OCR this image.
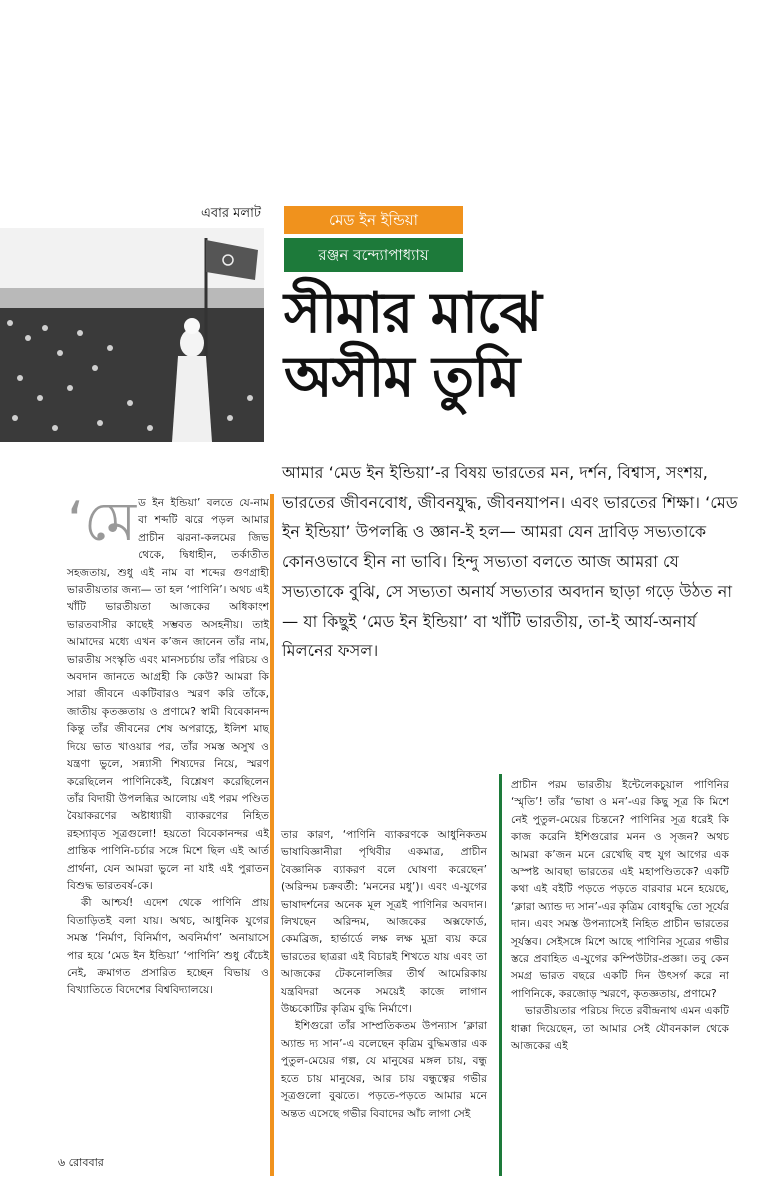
এবার মলাট	মেড ইন ইন্ডিয়া
রঞ্জন বন্দ্যোপাধ্যায়
সীমার মাঝে
অসীম তুমি
আমার ‘মেড ইন ইন্ডিয়া’-র বিষয় ভারতের মন, দর্শন, বিশ্বাস, সংশয়, ভারতের জীবনবোধ, জীবনযুদ্ধ, জীবনযাপন। এবং ভারতের শিক্ষা। ‘মেড ইন ইন্ডিয়া’ উপলব্ধি ও জ্ঞান-ই হল— আমরা যেন দ্রাবিড় সভ্যতাকে কোনওভাবে হীন না ভাবি। হিন্দু সভ্যতা বলতে আজ আমরা যে সভ্যতাকে বুঝি, সে সভ্যতা অনার্য সভ্যতার অবদান ছাড়া গড়ে উঠত না— যা কিছুই ‘মেড ইন ইন্ডিয়া’ বা খাঁটি ভারতীয়, তা-ই আর্য-অনার্য মিলনের ফসল।
‘মে ড ইন ইন্ডিয়া’ বলতে যে-নাম বা শব্দটি ঝরে পড়ল আমার প্রাচীন ঝরনা-কলমের জিভ থেকে, দ্বিধাহীন, তর্কাতীত সহজতায়, শুধু এই নাম বা শব্দের গুণগ্রাহী ভারতীয়তার জন্য— তা হল ‘পাণিনি’। অথচ এই খাঁটি ভারতীয়তা আজকের অধিকাংশ ভারতবাসীর কাছেই সম্ভবত অসহনীয়। তাই আমাদের মধ্যে এখন ক’জন জানেন তাঁর নাম, ভারতীয় সংস্কৃতি এবং মানসচর্চায় তাঁর পরিচয় ও অবদান জানতে আগ্রহী কি কেউ? আমরা কি সারা জীবনে একটিবারও স্মরণ করি তাঁকে, জাতীয় কৃতজ্ঞতায় ও প্রণামে? স্বামী বিবেকানন্দ কিন্তু তাঁর জীবনের শেষ অপরাহ্ণে, ইলিশ মাছ দিয়ে ভাত খাওয়ার পর, তাঁর সমস্ত অসুখ ও যন্ত্রণা ভুলে, সন্ন্যাসী শিষ্যদের নিয়ে, স্মরণ করেছিলেন পাণিনিকেই, বিশ্লেষণ করেছিলেন তাঁর বিদায়ী উপলব্ধির আলোয় এই পরম পণ্ডিত বৈয়াকরণের অষ্টাধ্যায়ী ব্যাকরণের নিহিত রহস্যাবৃত সূত্রগুলো! হয়তো বিবেকানন্দর এই প্রান্তিক পাণিনি-চর্চার সঙ্গে মিশে ছিল এই আর্ত প্রার্থনা, যেন আমরা ভুলে না যাই এই পুরাতন বিশুদ্ধ ভারতবর্ষ-কে।

কী আশ্চর্য! এদেশ থেকে পাণিনি প্রায় বিতাড়িতই বলা যায়। অথচ, আধুনিক যুগের সমস্ত ‘নির্মাণ, বিনির্মাণ, অবনির্মাণ’ অনায়াসে পার হয়ে ‘মেড ইন ইন্ডিয়া’ ‘পাণিনি’ শুধু বেঁচেই নেই, ক্রমাগত প্রসারিত হচ্ছেন বিভায় ও বিখ্যাতিতে বিদেশের বিশ্ববিদ্যালয়ে।

তার কারণ, ‘পাণিনি ব্যাকরণকে আধুনিকতম ভাষাবিজ্ঞানীরা পৃথিবীর একমাত্র, প্রাচীন বৈজ্ঞানিক ব্যাকরণ বলে ঘোষণা করেছেন’ (অরিন্দম চক্রবর্তী: ‘মননের মধু’)। এবং এ-যুগের ভাষাদর্শনের অনেক মূল সূত্রই পাণিনির অবদান। লিখছেন অরিন্দম, আজকের অক্সফোর্ড, কেমব্রিজ, হার্ভার্ডে লক্ষ লক্ষ মুদ্রা ব্যয় করে ভারতের ছাত্ররা এই বিচারই শিখতে যায় এবং তা আজকের টেকনোলজির তীর্থ আমেরিকায় যন্ত্রবিদরা অনেক সময়েই কাজে লাগান উচ্চকোটির কৃত্রিম বুদ্ধি নির্মাণে।

ইশিগুরো তাঁর সাম্প্রতিকতম উপন্যাস ‘ক্লারা অ্যান্ড দ্য সান’-এ বলেছেন কৃত্রিম বুদ্ধিমত্তার এক পুতুল-মেয়ের গল্প, যে মানুষের মঙ্গল চায়, বন্ধু হতে চায় মানুষের, আর চায় বন্ধুত্বের গভীর সূত্রগুলো বুঝতে। পড়তে-পড়তে আমার মনে অন্তত এসেছে গভীর বিবাদের আঁচ লাগা সেই

প্রাচীন পরম ভারতীয় ইন্টেলেকচুয়াল পাণিনির ‘স্মৃতি’! তাঁর ‘ভাষা ও মন’-এর কিছু সূত্র কি মিশে নেই পুতুল-মেয়ের চিন্তনে? পাণিনির সূত্র ধরেই কি কাজ করেনি ইশিগুরোর মনন ও সৃজন? অথচ আমরা ক’জন মনে রেখেছি বহু যুগ আগের এক অস্পষ্ট আবছা ভারতের এই মহাপণ্ডিতকে? একটি কথা এই বইটি পড়তে পড়তে বারবার মনে হয়েছে, ‘ক্লারা অ্যান্ড দ্য সান’-এর কৃত্রিম বোধবুদ্ধি তো সূর্যের দান। এবং সমস্ত উপন্যাসেই নিহিত প্রাচীন ভারতের সূর্যস্তব। সেইসঙ্গে মিশে আছে পাণিনির সূত্রের গভীর স্তরে প্রবাহিত এ-যুগের কম্পিউটার-প্রজ্ঞা। তবু কেন সমগ্র ভারত বছরে একটি দিন উৎসর্গ করে না পাণিনিকে, করজোড় স্মরণে, কৃতজ্ঞতায়, প্রণামে?

ভারতীয়তার পরিচয় দিতে রবীন্দ্রনাথ এমন একটি ধাক্কা দিয়েছেন, তা আমার সেই যৌবনকাল থেকে আজকের এই

৬ রোববার
